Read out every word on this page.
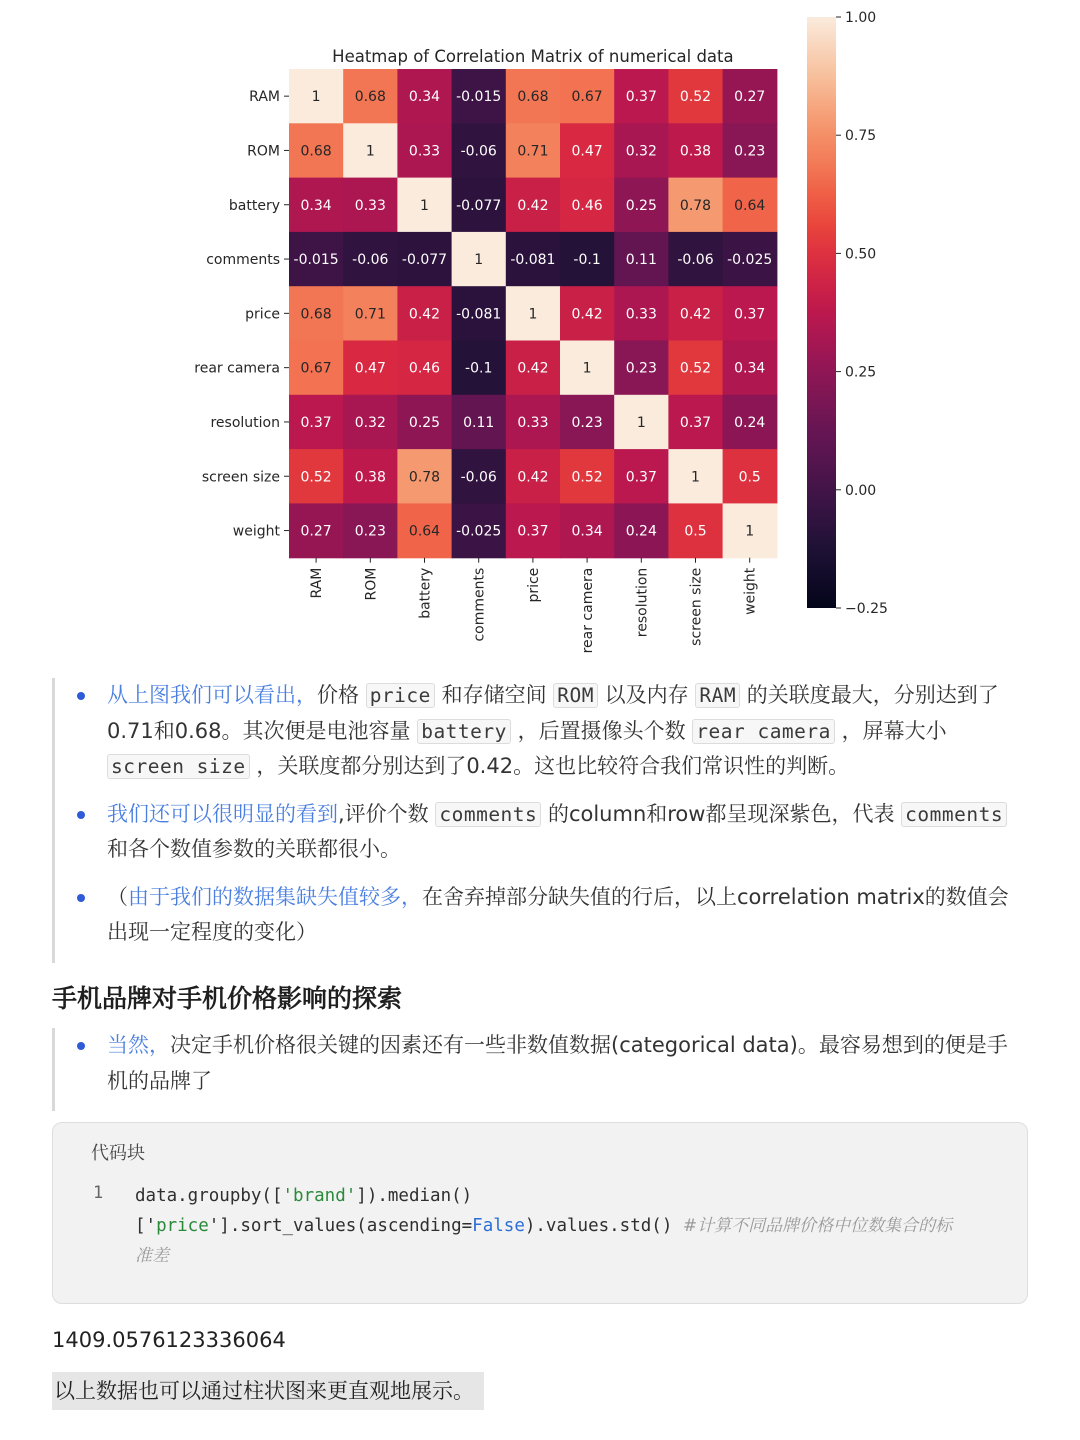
Heatmap of Correlation Matrix of numerical data
1 0.68 0.34 -0.015 0.68 0.67 0.37 0.52 0.27
0.68 1 0.33 -0.06 0.71 0.47 0.32 0.38 0.23
0.34 0.33 1 -0.077 0.42 0.46 0.25 0.78 0.64
-0.015 -0.06 -0.077 1 -0.081 -0.1 0.11 -0.06 -0.025
0.68 0.71 0.42 -0.081 1 0.42 0.33 0.42 0.37
0.67 0.47 0.46 -0.1 0.42 1 0.23 0.52 0.34
0.37 0.32 0.25 0.11 0.33 0.23 1 0.37 0.24
0.52 0.38 0.78 -0.06 0.42 0.52 0.37 1	0.5
0.27 0.23 0.64 -0.025 0.37 0.34 0.24 0.5	1
RAM
ROM
battery
comments
price
rear camera
resolution
screen size
weight
RAM	ROM	battery	comments	price	rear camera	resolution	screen size	weight
1.00
0.75
0.50
0.25
0.00
−0.25
从上图我们可以看出，价格 price 和存储空间 ROM 以及内存 RAM 的关联度最大，分别达到了0.71和0.68。其次便是电池容量 battery ，后置摄像头个数 rear camera ，屏幕大小 screen size ，关联度都分别达到了0.42。这也比较符合我们常识性的判断。
我们还可以很明显的看到,评价个数 comments 的column和row都呈现深紫色，代表 comments 和各个数值参数的关联都很小。
（由于我们的数据集缺失值较多，在舍弃掉部分缺失值的行后，以上correlation matrix的数值会出现一定程度的变化）
手机品牌对手机价格影响的探索
当然，决定手机价格很关键的因素还有一些非数值数据(categorical data)。最容易想到的便是手机的品牌了
代码块
1 data.groupby(['brand']).median()
['price'].sort_values(ascending=False).values.std() #计算不同品牌价格中位数集合的标
准差

1409.0576123336064

以上数据也可以通过柱状图来更直观地展示。
